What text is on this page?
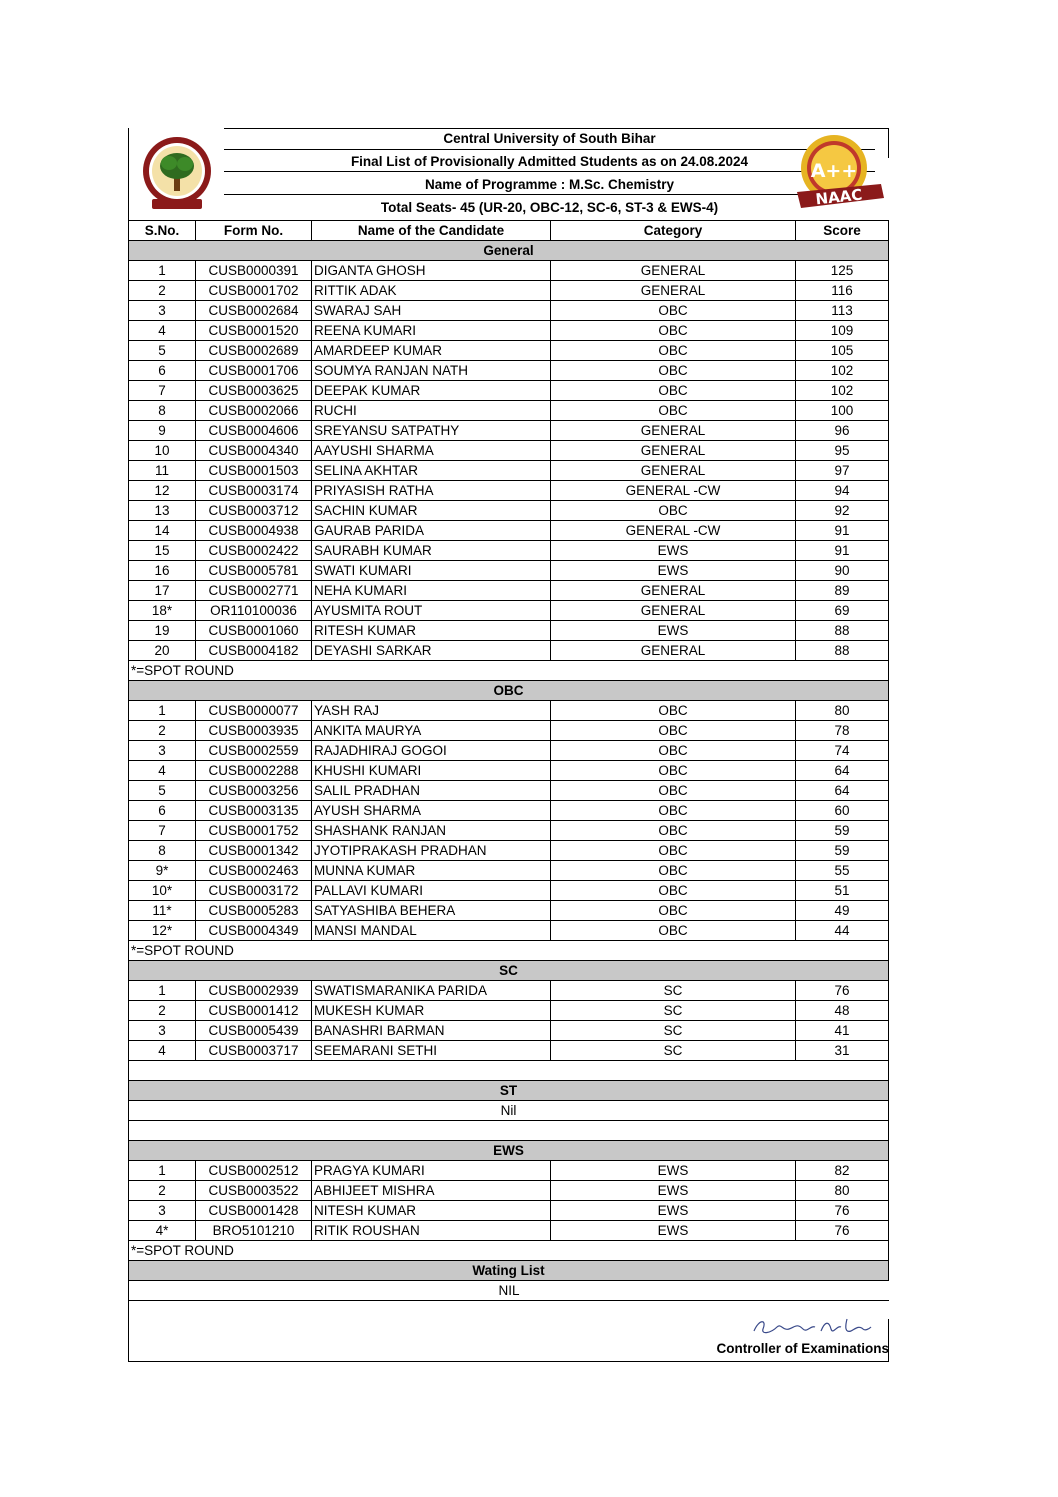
Central University of South Bihar
Final List of Provisionally Admitted Students as on 24.08.2024
Name of Programme : M.Sc. Chemistry
Total Seats- 45 (UR-20, OBC-12, SC-6, ST-3 & EWS-4)
A++
NAAC
S.No.	Form No.	Name of the Candidate	Category	Score
General
1	CUSB0000391	DIGANTA GHOSH	GENERAL	125
2	CUSB0001702	RITTIK ADAK	GENERAL	116
3	CUSB0002684	SWARAJ SAH	OBC	113
4	CUSB0001520	REENA KUMARI	OBC	109
5	CUSB0002689	AMARDEEP KUMAR	OBC	105
6	CUSB0001706	SOUMYA RANJAN NATH	OBC	102
7	CUSB0003625	DEEPAK KUMAR	OBC	102
8	CUSB0002066	RUCHI	OBC	100
9	CUSB0004606	SREYANSU SATPATHY	GENERAL	96
10	CUSB0004340	AAYUSHI SHARMA	GENERAL	95
11	CUSB0001503	SELINA AKHTAR	GENERAL	97
12	CUSB0003174	PRIYASISH RATHA	GENERAL -CW	94
13	CUSB0003712	SACHIN KUMAR	OBC	92
14	CUSB0004938	GAURAB PARIDA	GENERAL -CW	91
15	CUSB0002422	SAURABH KUMAR	EWS	91
16	CUSB0005781	SWATI KUMARI	EWS	90
17	CUSB0002771	NEHA KUMARI	GENERAL	89
18*	OR110100036	AYUSMITA ROUT	GENERAL	69
19	CUSB0001060	RITESH KUMAR	EWS	88
20	CUSB0004182	DEYASHI SARKAR	GENERAL	88
*=SPOT ROUND
OBC
1	CUSB0000077	YASH RAJ	OBC	80
2	CUSB0003935	ANKITA MAURYA	OBC	78
3	CUSB0002559	RAJADHIRAJ GOGOI	OBC	74
4	CUSB0002288	KHUSHI KUMARI	OBC	64
5	CUSB0003256	SALIL PRADHAN	OBC	64
6	CUSB0003135	AYUSH SHARMA	OBC	60
7	CUSB0001752	SHASHANK RANJAN	OBC	59
8	CUSB0001342	JYOTIPRAKASH PRADHAN	OBC	59
9*	CUSB0002463	MUNNA KUMAR	OBC	55
10*	CUSB0003172	PALLAVI KUMARI	OBC	51
11*	CUSB0005283	SATYASHIBA BEHERA	OBC	49
12*	CUSB0004349	MANSI MANDAL	OBC	44
*=SPOT ROUND
SC
1	CUSB0002939	SWATISMARANIKA PARIDA	SC	76
2	CUSB0001412	MUKESH KUMAR	SC	48
3	CUSB0005439	BANASHRI BARMAN	SC	41
4	CUSB0003717	SEEMARANI SETHI	SC	31
ST
Nil
EWS
1	CUSB0002512	PRAGYA KUMARI	EWS	82
2	CUSB0003522	ABHIJEET MISHRA	EWS	80
3	CUSB0001428	NITESH KUMAR	EWS	76
4*	BRO5101210	RITIK ROUSHAN	EWS	76
*=SPOT ROUND
Wating List
NIL
Controller of Examinations
